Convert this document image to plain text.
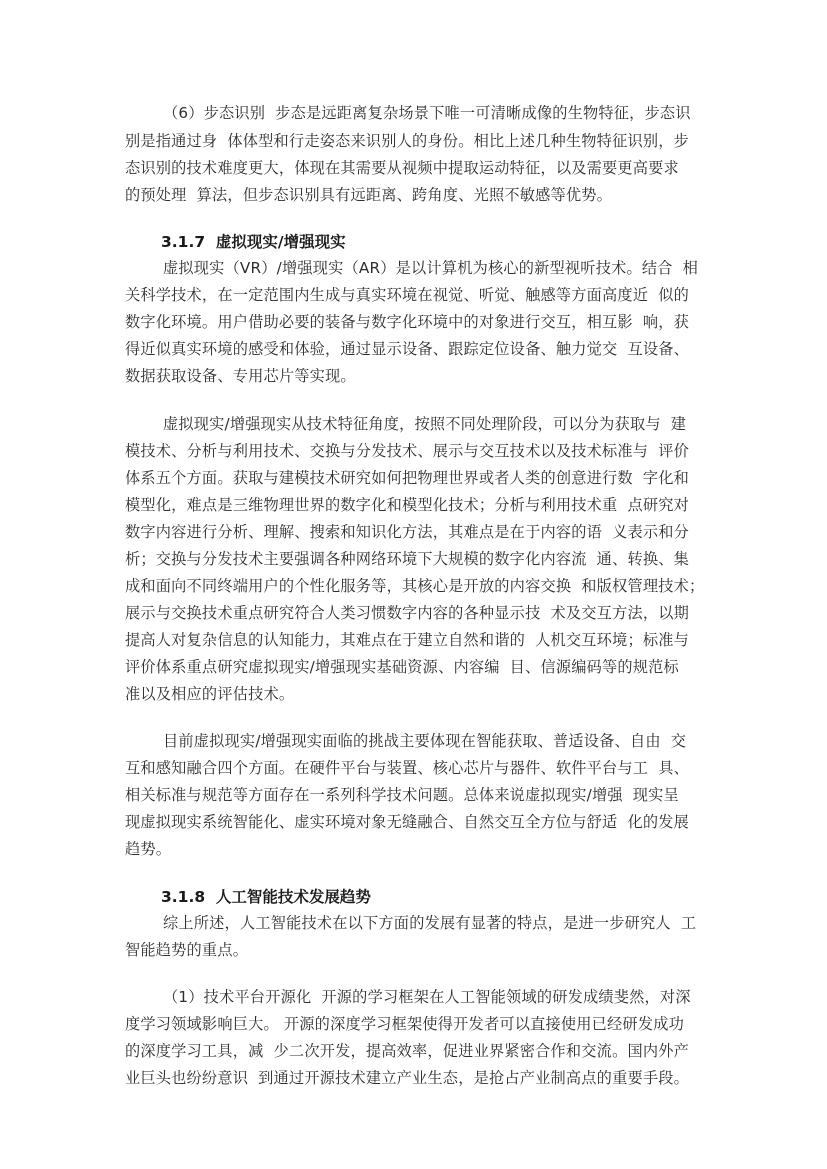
（6）步态识别  步态是远距离复杂场景下唯一可清晰成像的生物特征，步态识
别是指通过身  体体型和行走姿态来识别人的身份。相比上述几种生物特征识别，步
态识别的技术难度更大，体现在其需要从视频中提取运动特征，以及需要更高要求
的预处理  算法，但步态识别具有远距离、跨角度、光照不敏感等优势。
3.1.7  虚拟现实/增强现实
虚拟现实（VR）/增强现实（AR）是以计算机为核心的新型视听技术。结合  相
关科学技术，在一定范围内生成与真实环境在视觉、听觉、触感等方面高度近  似的
数字化环境。用户借助必要的装备与数字化环境中的对象进行交互，相互影  响，获
得近似真实环境的感受和体验，通过显示设备、跟踪定位设备、触力觉交  互设备、
数据获取设备、专用芯片等实现。
虚拟现实/增强现实从技术特征角度，按照不同处理阶段，可以分为获取与  建
模技术、分析与利用技术、交换与分发技术、展示与交互技术以及技术标准与  评价
体系五个方面。获取与建模技术研究如何把物理世界或者人类的创意进行数  字化和
模型化，难点是三维物理世界的数字化和模型化技术；分析与利用技术重  点研究对
数字内容进行分析、理解、搜索和知识化方法，其难点是在于内容的语  义表示和分
析；交换与分发技术主要强调各种网络环境下大规模的数字化内容流  通、转换、集
成和面向不同终端用户的个性化服务等，其核心是开放的内容交换  和版权管理技术；
展示与交换技术重点研究符合人类习惯数字内容的各种显示技  术及交互方法，以期
提高人对复杂信息的认知能力，其难点在于建立自然和谐的  人机交互环境；标准与
评价体系重点研究虚拟现实/增强现实基础资源、内容编  目、信源编码等的规范标
准以及相应的评估技术。
目前虚拟现实/增强现实面临的挑战主要体现在智能获取、普适设备、自由  交
互和感知融合四个方面。在硬件平台与装置、核心芯片与器件、软件平台与工  具、
相关标准与规范等方面存在一系列科学技术问题。总体来说虚拟现实/增强  现实呈
现虚拟现实系统智能化、虚实环境对象无缝融合、自然交互全方位与舒适  化的发展
趋势。
3.1.8  人工智能技术发展趋势
综上所述，人工智能技术在以下方面的发展有显著的特点，是进一步研究人  工
智能趋势的重点。
（1）技术平台开源化  开源的学习框架在人工智能领域的研发成绩斐然，对深
度学习领域影响巨大。 开源的深度学习框架使得开发者可以直接使用已经研发成功
的深度学习工具，减  少二次开发，提高效率，促进业界紧密合作和交流。国内外产
业巨头也纷纷意识  到通过开源技术建立产业生态，是抢占产业制高点的重要手段。
